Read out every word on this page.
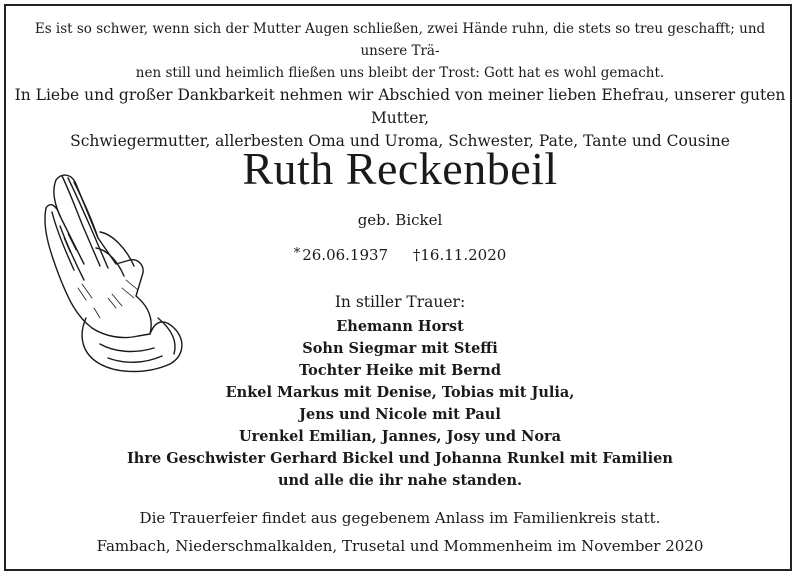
Es ist so schwer, wenn sich der Mutter Augen schließen, zwei Hände ruhn, die stets so treu geschafft; und unsere Trä-
nen still und heimlich fließen uns bleibt der Trost: Gott hat es wohl gemacht.
In Liebe und großer Dankbarkeit nehmen wir Abschied von meiner lieben Ehefrau, unserer guten Mutter,
Schwiegermutter, allerbesten Oma und Uroma, Schwester, Pate, Tante und Cousine
Ruth Reckenbeil
geb. Bickel
* 26.06.1937 †16.11.2020
In stiller Trauer:
Ehemann Horst
Sohn Siegmar mit Steffi
Tochter Heike mit Bernd
Enkel Markus mit Denise, Tobias mit Julia,
Jens und Nicole mit Paul
Urenkel Emilian, Jannes, Josy und Nora
Ihre Geschwister Gerhard Bickel und Johanna Runkel mit Familien
und alle die ihr nahe standen.
Die Trauerfeier findet aus gegebenem Anlass im Familienkreis statt.
Fambach, Niederschmalkalden, Trusetal und Mommenheim im November 2020
